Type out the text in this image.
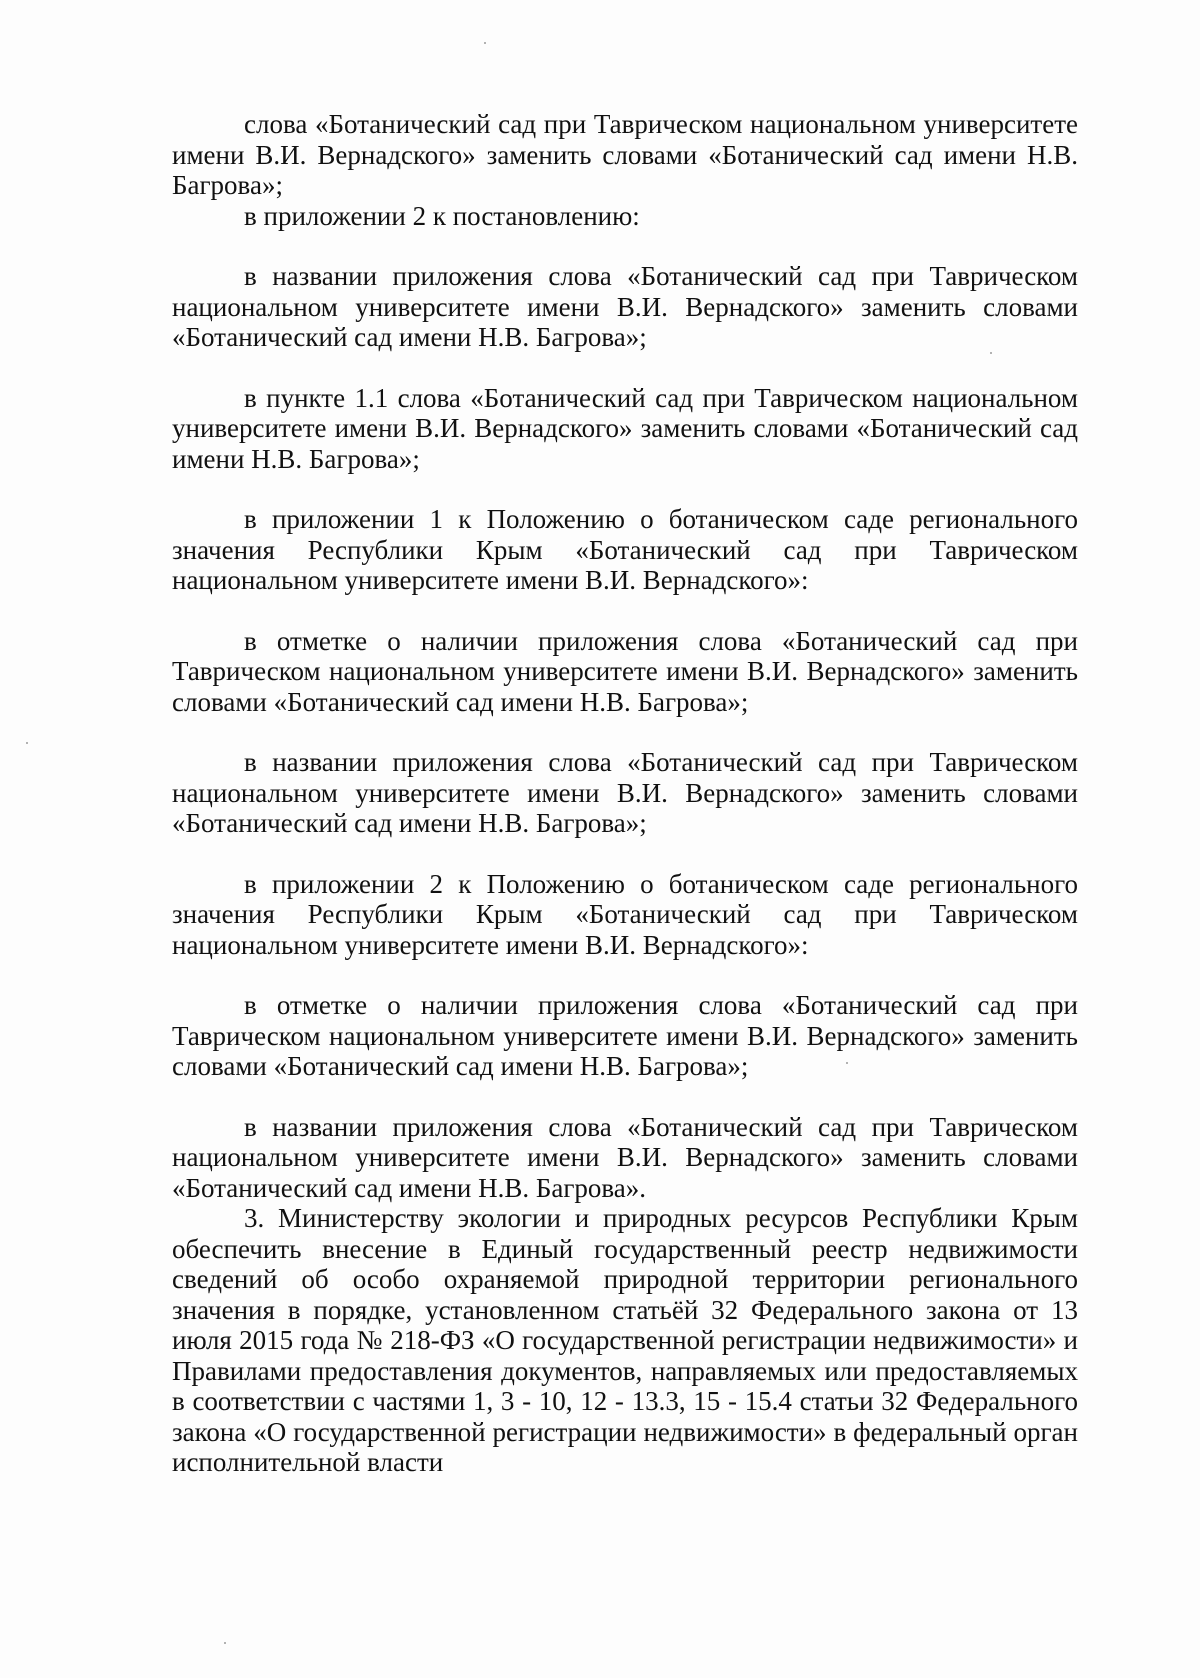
слова «Ботанический сад при Таврическом национальном университете имени В.И. Вернадского» заменить словами «Ботанический сад имени Н.В. Багрова»;

в приложении 2 к постановлению:

в названии приложения слова «Ботанический сад при Таврическом национальном университете имени В.И. Вернадского» заменить словами «Ботанический сад имени Н.В. Багрова»;

в пункте 1.1 слова «Ботанический сад при Таврическом национальном университете имени В.И. Вернадского» заменить словами «Ботанический сад имени Н.В. Багрова»;

в приложении 1 к Положению о ботаническом саде регионального значения Республики Крым «Ботанический сад при Таврическом национальном университете имени В.И. Вернадского»:

в отметке о наличии приложения слова «Ботанический сад при Таврическом национальном университете имени В.И. Вернадского» заменить словами «Ботанический сад имени Н.В. Багрова»;

в названии приложения слова «Ботанический сад при Таврическом национальном университете имени В.И. Вернадского» заменить словами «Ботанический сад имени Н.В. Багрова»;

в приложении 2 к Положению о ботаническом саде регионального значения Республики Крым «Ботанический сад при Таврическом национальном университете имени В.И. Вернадского»:

в отметке о наличии приложения слова «Ботанический сад при Таврическом национальном университете имени В.И. Вернадского» заменить словами «Ботанический сад имени Н.В. Багрова»;

в названии приложения слова «Ботанический сад при Таврическом национальном университете имени В.И. Вернадского» заменить словами «Ботанический сад имени Н.В. Багрова».

3. Министерству экологии и природных ресурсов Республики Крым обеспечить внесение в Единый государственный реестр недвижимости сведений об особо охраняемой природной территории регионального значения в порядке, установленном статьёй 32 Федерального закона от 13 июля 2015 года № 218-ФЗ «О государственной регистрации недвижимости» и Правилами предоставления документов, направляемых или предоставляемых в соответствии с частями 1, 3 - 10, 12 - 13.3, 15 - 15.4 статьи 32 Федерального закона «О государственной регистрации недвижимости» в федеральный орган исполнительной власти
